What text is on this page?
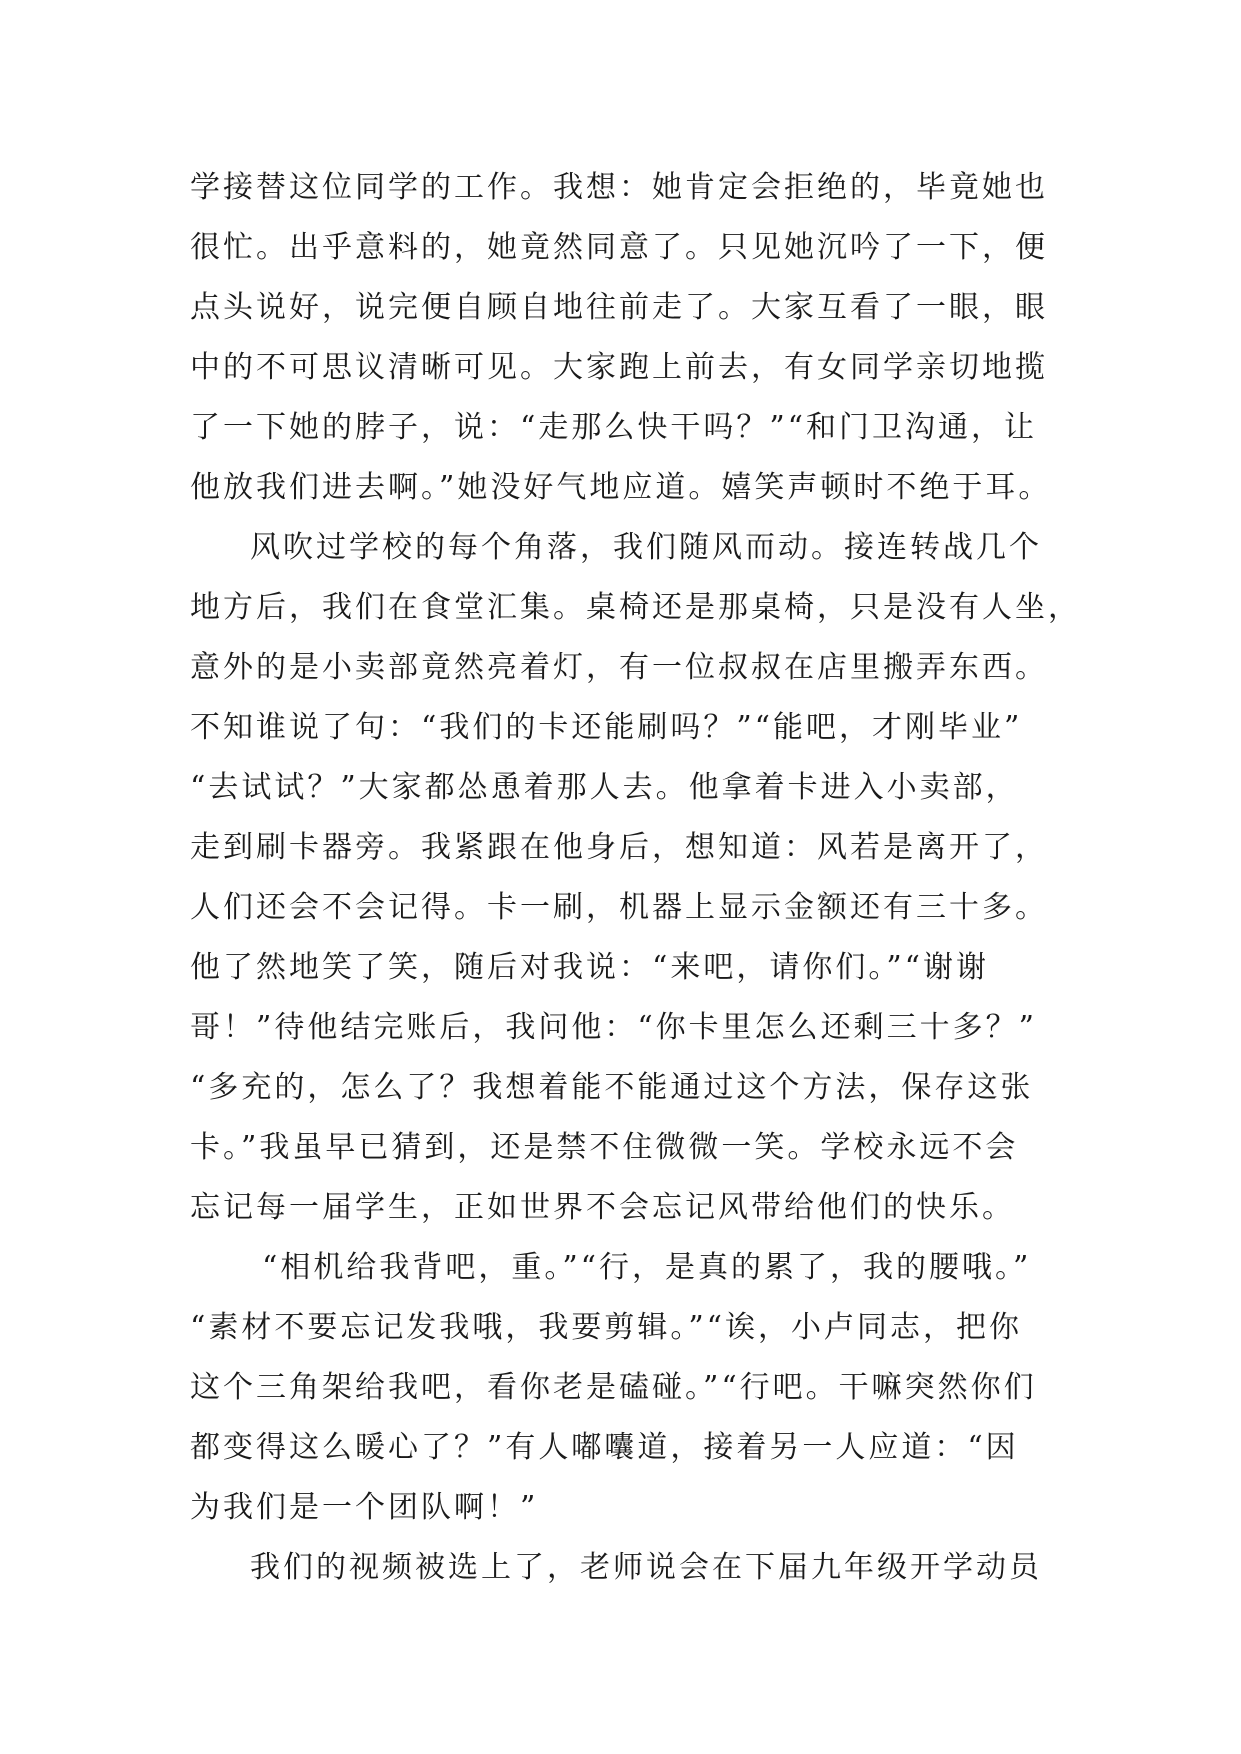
学接替这位同学的工作。我想：她肯定会拒绝的，毕竟她也
很忙。出乎意料的，她竟然同意了。只见她沉吟了一下，便
点头说好，说完便自顾自地往前走了。大家互看了一眼，眼
中的不可思议清晰可见。大家跑上前去，有女同学亲切地揽
了一下她的脖子，说：“走那么快干吗？”“和门卫沟通，让
他放我们进去啊。”她没好气地应道。嬉笑声顿时不绝于耳。
风吹过学校的每个角落，我们随风而动。接连转战几个
地方后，我们在食堂汇集。桌椅还是那桌椅，只是没有人坐，
意外的是小卖部竟然亮着灯，有一位叔叔在店里搬弄东西。
不知谁说了句：“我们的卡还能刷吗？”“能吧，才刚毕业”
“去试试？”大家都怂恿着那人去。他拿着卡进入小卖部，
走到刷卡器旁。我紧跟在他身后，想知道：风若是离开了，
人们还会不会记得。卡一刷，机器上显示金额还有三十多。
他了然地笑了笑，随后对我说：“来吧，请你们。”“谢谢
哥！”待他结完账后，我问他：“你卡里怎么还剩三十多？”
“多充的，怎么了？我想着能不能通过这个方法，保存这张
卡。”我虽早已猜到，还是禁不住微微一笑。学校永远不会
忘记每一届学生，正如世界不会忘记风带给他们的快乐。
“相机给我背吧，重。”“行，是真的累了，我的腰哦。”
“素材不要忘记发我哦，我要剪辑。”“诶，小卢同志，把你
这个三角架给我吧，看你老是磕碰。”“行吧。干嘛突然你们
都变得这么暖心了？”有人嘟囔道，接着另一人应道：“因
为我们是一个团队啊！”
我们的视频被选上了，老师说会在下届九年级开学动员
